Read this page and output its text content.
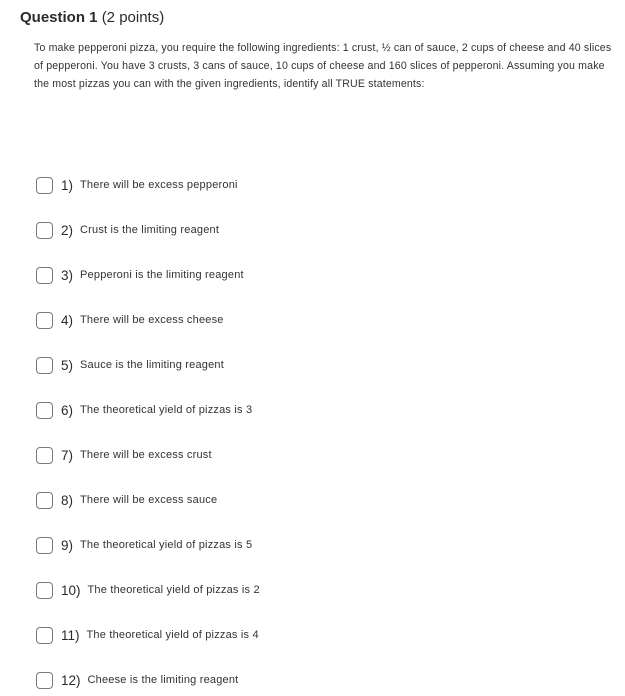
Question 1 (2 points)
To make pepperoni pizza, you require the following ingredients: 1 crust, ½ can of sauce, 2 cups of cheese and 40 slices of pepperoni. You have 3 crusts, 3 cans of sauce, 10 cups of cheese and 160 slices of pepperoni. Assuming you make the most pizzas you can with the given ingredients, identify all TRUE statements:
1) There will be excess pepperoni
2) Crust is the limiting reagent
3) Pepperoni is the limiting reagent
4) There will be excess cheese
5) Sauce is the limiting reagent
6) The theoretical yield of pizzas is 3
7) There will be excess crust
8) There will be excess sauce
9) The theoretical yield of pizzas is 5
10) The theoretical yield of pizzas is 2
11) The theoretical yield of pizzas is 4
12) Cheese is the limiting reagent
